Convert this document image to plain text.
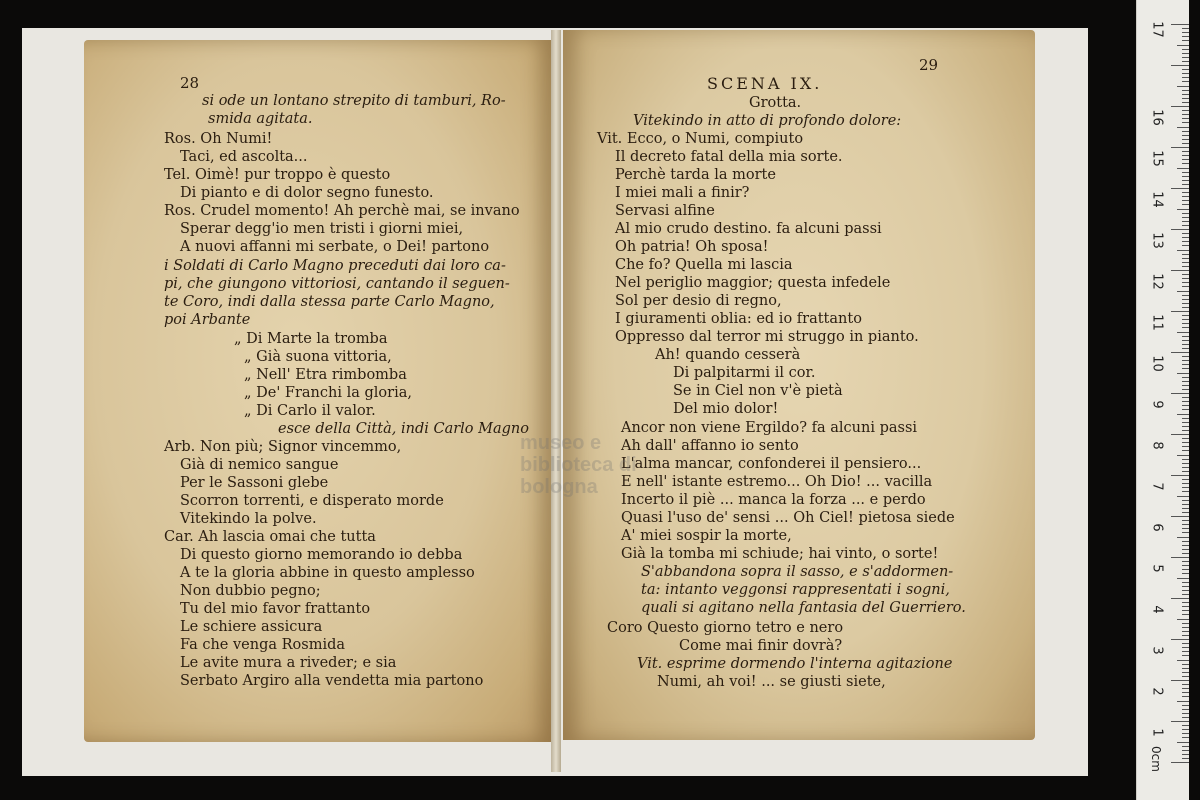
28
si ode un lontano strepito di tamburi, Ro-
smida agitata.
Ros. Oh Numi!
Taci, ed ascolta...
Tel. Oimè! pur troppo è questo
Di pianto e di dolor segno funesto.
Ros. Crudel momento! Ah perchè mai, se invano
Sperar degg'io men tristi i giorni miei,
A nuovi affanni mi serbate, o Dei! partono
i Soldati di Carlo Magno preceduti dai loro ca-
pi, che giungono vittoriosi, cantando il seguen-
te Coro, indi dalla stessa parte Carlo Magno,
poi Arbante
„ Di Marte la tromba
„ Già suona vittoria,
„ Nell' Etra rimbomba
„ De' Franchi la gloria,
„ Di Carlo il valor.
esce della Città, indi Carlo Magno
Arb. Non più; Signor vincemmo,
Già di nemico sangue
Per le Sassoni glebe
Scorron torrenti, e disperato morde
Vitekindo la polve.
Car. Ah lascia omai che tutta
Di questo giorno memorando io debba
A te la gloria abbine in questo amplesso
Non dubbio pegno;
Tu del mio favor frattanto
Le schiere assicura
Fa che venga Rosmida
Le avite mura a riveder; e sia
Serbato Argiro alla vendetta mia partono
SCENA IX.
29
Grotta.
Vitekindo in atto di profondo dolore:
Vit. Ecco, o Numi, compiuto
Il decreto fatal della mia sorte.
Perchè tarda la morte
I miei mali a finir?
Servasi alfine
Al mio crudo destino. fa alcuni passi
Oh patria! Oh sposa!
Che fo? Quella mi lascia
Nel periglio maggior; questa infedele
Sol per desio di regno,
I giuramenti oblia: ed io frattanto
Oppresso dal terror mi struggo in pianto.
Ah! quando cesserà
Di palpitarmi il cor.
Se in Ciel non v'è pietà
Del mio dolor!
Ancor non viene Ergildo? fa alcuni passi
Ah dall' affanno io sento
L'alma mancar, confonderei il pensiero...
E nell' istante estremo... Oh Dio! ... vacilla
Incerto il piè ... manca la forza ... e perdo
Quasi l'uso de' sensi ... Oh Ciel! pietosa siede
A' miei sospir la morte,
Già la tomba mi schiude; hai vinto, o sorte!
S'abbandona sopra il sasso, e s'addormen-
ta: intanto veggonsi rappresentati i sogni,
quali si agitano nella fantasia del Guerriero.
Coro Questo giorno tetro e nero
Come mai finir dovrà?
Vit. esprime dormendo l'interna agitazione
Numi, ah voi! ... se giusti siete,
museo e biblioteca di bologna
0cm
1
2
3
4
5
6
7
8
9
10
11
12
13
14
15
16
17
